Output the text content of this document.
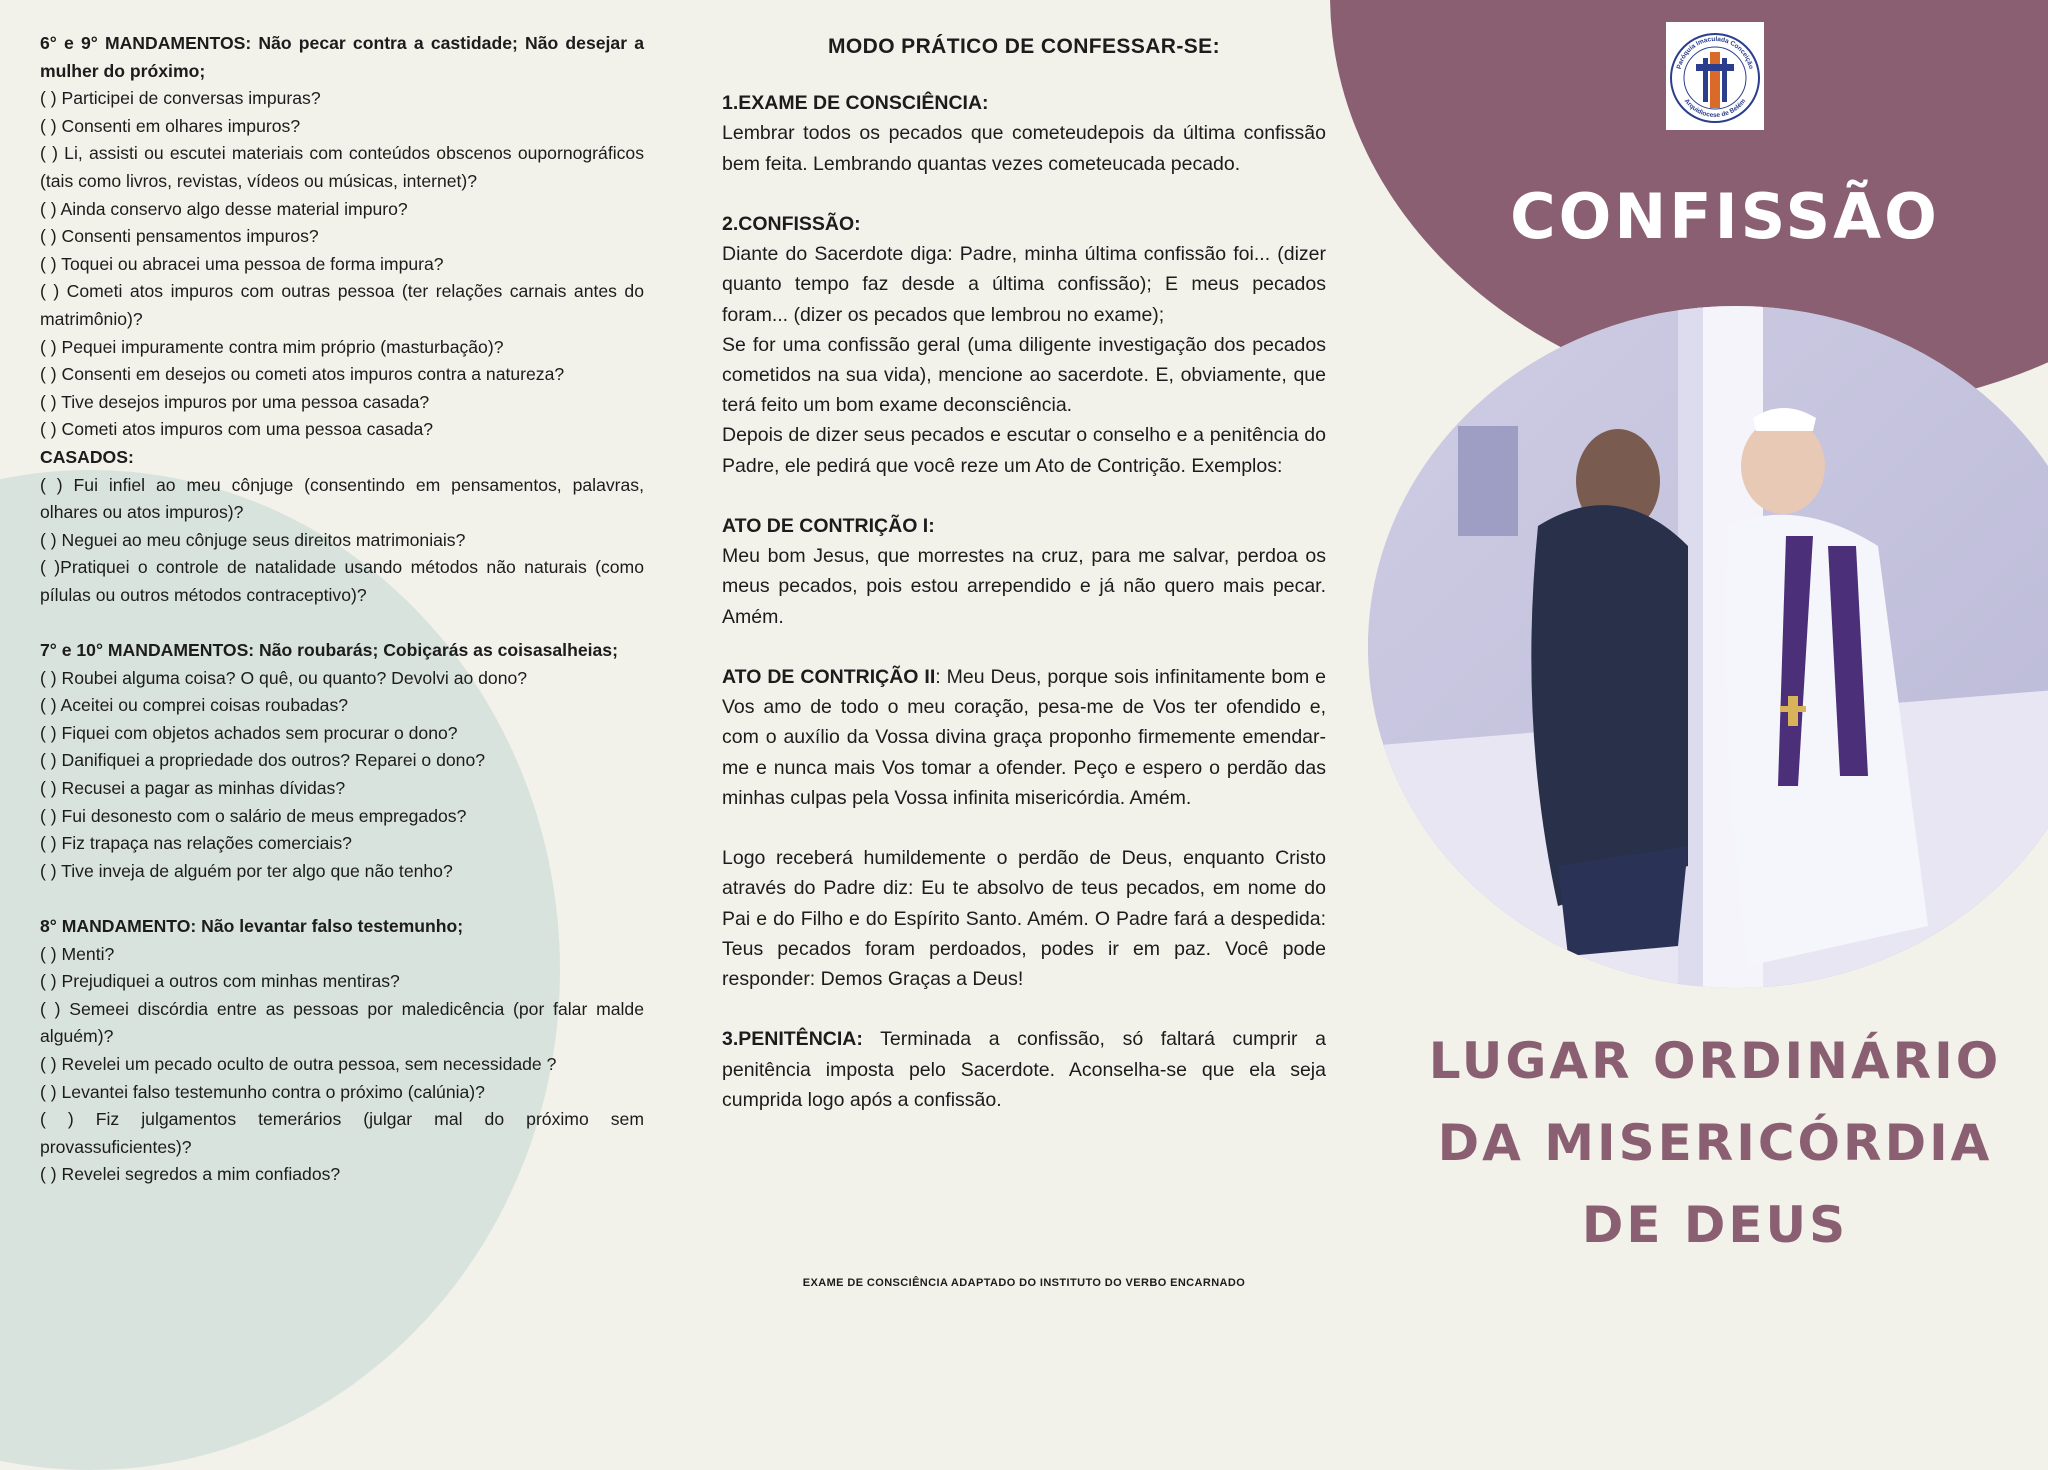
6° e 9° MANDAMENTOS: Não pecar contra a castidade; Não desejar a mulher do próximo;

( ) Participei de conversas impuras?

( ) Consenti em olhares impuros?

( ) Li, assisti ou escutei materiais com conteúdos obscenos oupornográficos (tais como livros, revistas, vídeos ou músicas, internet)?

( ) Ainda conservo algo desse material impuro?

( ) Consenti pensamentos impuros?

( ) Toquei ou abracei uma pessoa de forma impura?

( ) Cometi atos impuros com outras pessoa (ter relações carnais antes do matrimônio)?

( ) Pequei impuramente contra mim próprio (masturbação)?

( ) Consenti em desejos ou cometi atos impuros contra a natureza?

( ) Tive desejos impuros por uma pessoa casada?

( ) Cometi atos impuros com uma pessoa casada?

CASADOS:

( ) Fui infiel ao meu cônjuge (consentindo em pensamentos, palavras, olhares ou atos impuros)?

( ) Neguei ao meu cônjuge seus direitos matrimoniais?

( )Pratiquei o controle de natalidade usando métodos não naturais (como pílulas ou outros métodos contraceptivo)?

7° e 10° MANDAMENTOS: Não roubarás; Cobiçarás as coisasalheias;

( ) Roubei alguma coisa? O quê, ou quanto? Devolvi ao dono?

( ) Aceitei ou comprei coisas roubadas?

( ) Fiquei com objetos achados sem procurar o dono?

( ) Danifiquei a propriedade dos outros? Reparei o dono?

( ) Recusei a pagar as minhas dívidas?

( ) Fui desonesto com o salário de meus empregados?

( ) Fiz trapaça nas relações comerciais?

( ) Tive inveja de alguém por ter algo que não tenho?

8° MANDAMENTO: Não levantar falso testemunho;

( ) Menti?

( ) Prejudiquei a outros com minhas mentiras?

( ) Semeei discórdia entre as pessoas por maledicência (por falar malde alguém)?

( ) Revelei um pecado oculto de outra pessoa, sem necessidade ?

( ) Levantei falso testemunho contra o próximo (calúnia)?

( ) Fiz julgamentos temerários (julgar mal do próximo sem provassuficientes)?

( ) Revelei segredos a mim confiados?

MODO PRÁTICO DE CONFESSAR-SE:

1.EXAME DE CONSCIÊNCIA:

Lembrar todos os pecados que cometeudepois da última confissão bem feita. Lembrando quantas vezes cometeucada pecado.

2.CONFISSÃO:

Diante do Sacerdote diga: Padre, minha última confissão foi... (dizer quanto tempo faz desde a última confissão); E meus pecados foram... (dizer os pecados que lembrou no exame);

Se for uma confissão geral (uma diligente investigação dos pecados cometidos na sua vida), mencione ao sacerdote. E, obviamente, que terá feito um bom exame deconsciência.

Depois de dizer seus pecados e escutar o conselho e a penitência do Padre, ele pedirá que você reze um Ato de Contrição. Exemplos:

ATO DE CONTRIÇÃO I:

Meu bom Jesus, que morrestes na cruz, para me salvar, perdoa os meus pecados, pois estou arrependido e já não quero mais pecar. Amém.

ATO DE CONTRIÇÃO II: Meu Deus, porque sois infinitamente bom e Vos amo de todo o meu coração, pesa-me de Vos ter ofendido e, com o auxílio da Vossa divina graça proponho firmemente emendar-me e nunca mais Vos tomar a ofender. Peço e espero o perdão das minhas culpas pela Vossa infinita misericórdia. Amém.

Logo receberá humildemente o perdão de Deus, enquanto Cristo através do Padre diz: Eu te absolvo de teus pecados, em nome do Pai e do Filho e do Espírito Santo. Amém. O Padre fará a despedida: Teus pecados foram perdoados, podes ir em paz. Você pode responder: Demos Graças a Deus!

3.PENITÊNCIA: Terminada a confissão, só faltará cumprir a penitência imposta pelo Sacerdote. Aconselha-se que ela seja cumprida logo após a confissão.

EXAME DE CONSCIÊNCIA ADAPTADO DO INSTITUTO DO VERBO ENCARNADO
Paróquia Imaculada Conceição
Arquidiocese de Belém
CONFISSÃO
LUGAR ORDINÁRIO
DA MISERICÓRDIA
DE DEUS
